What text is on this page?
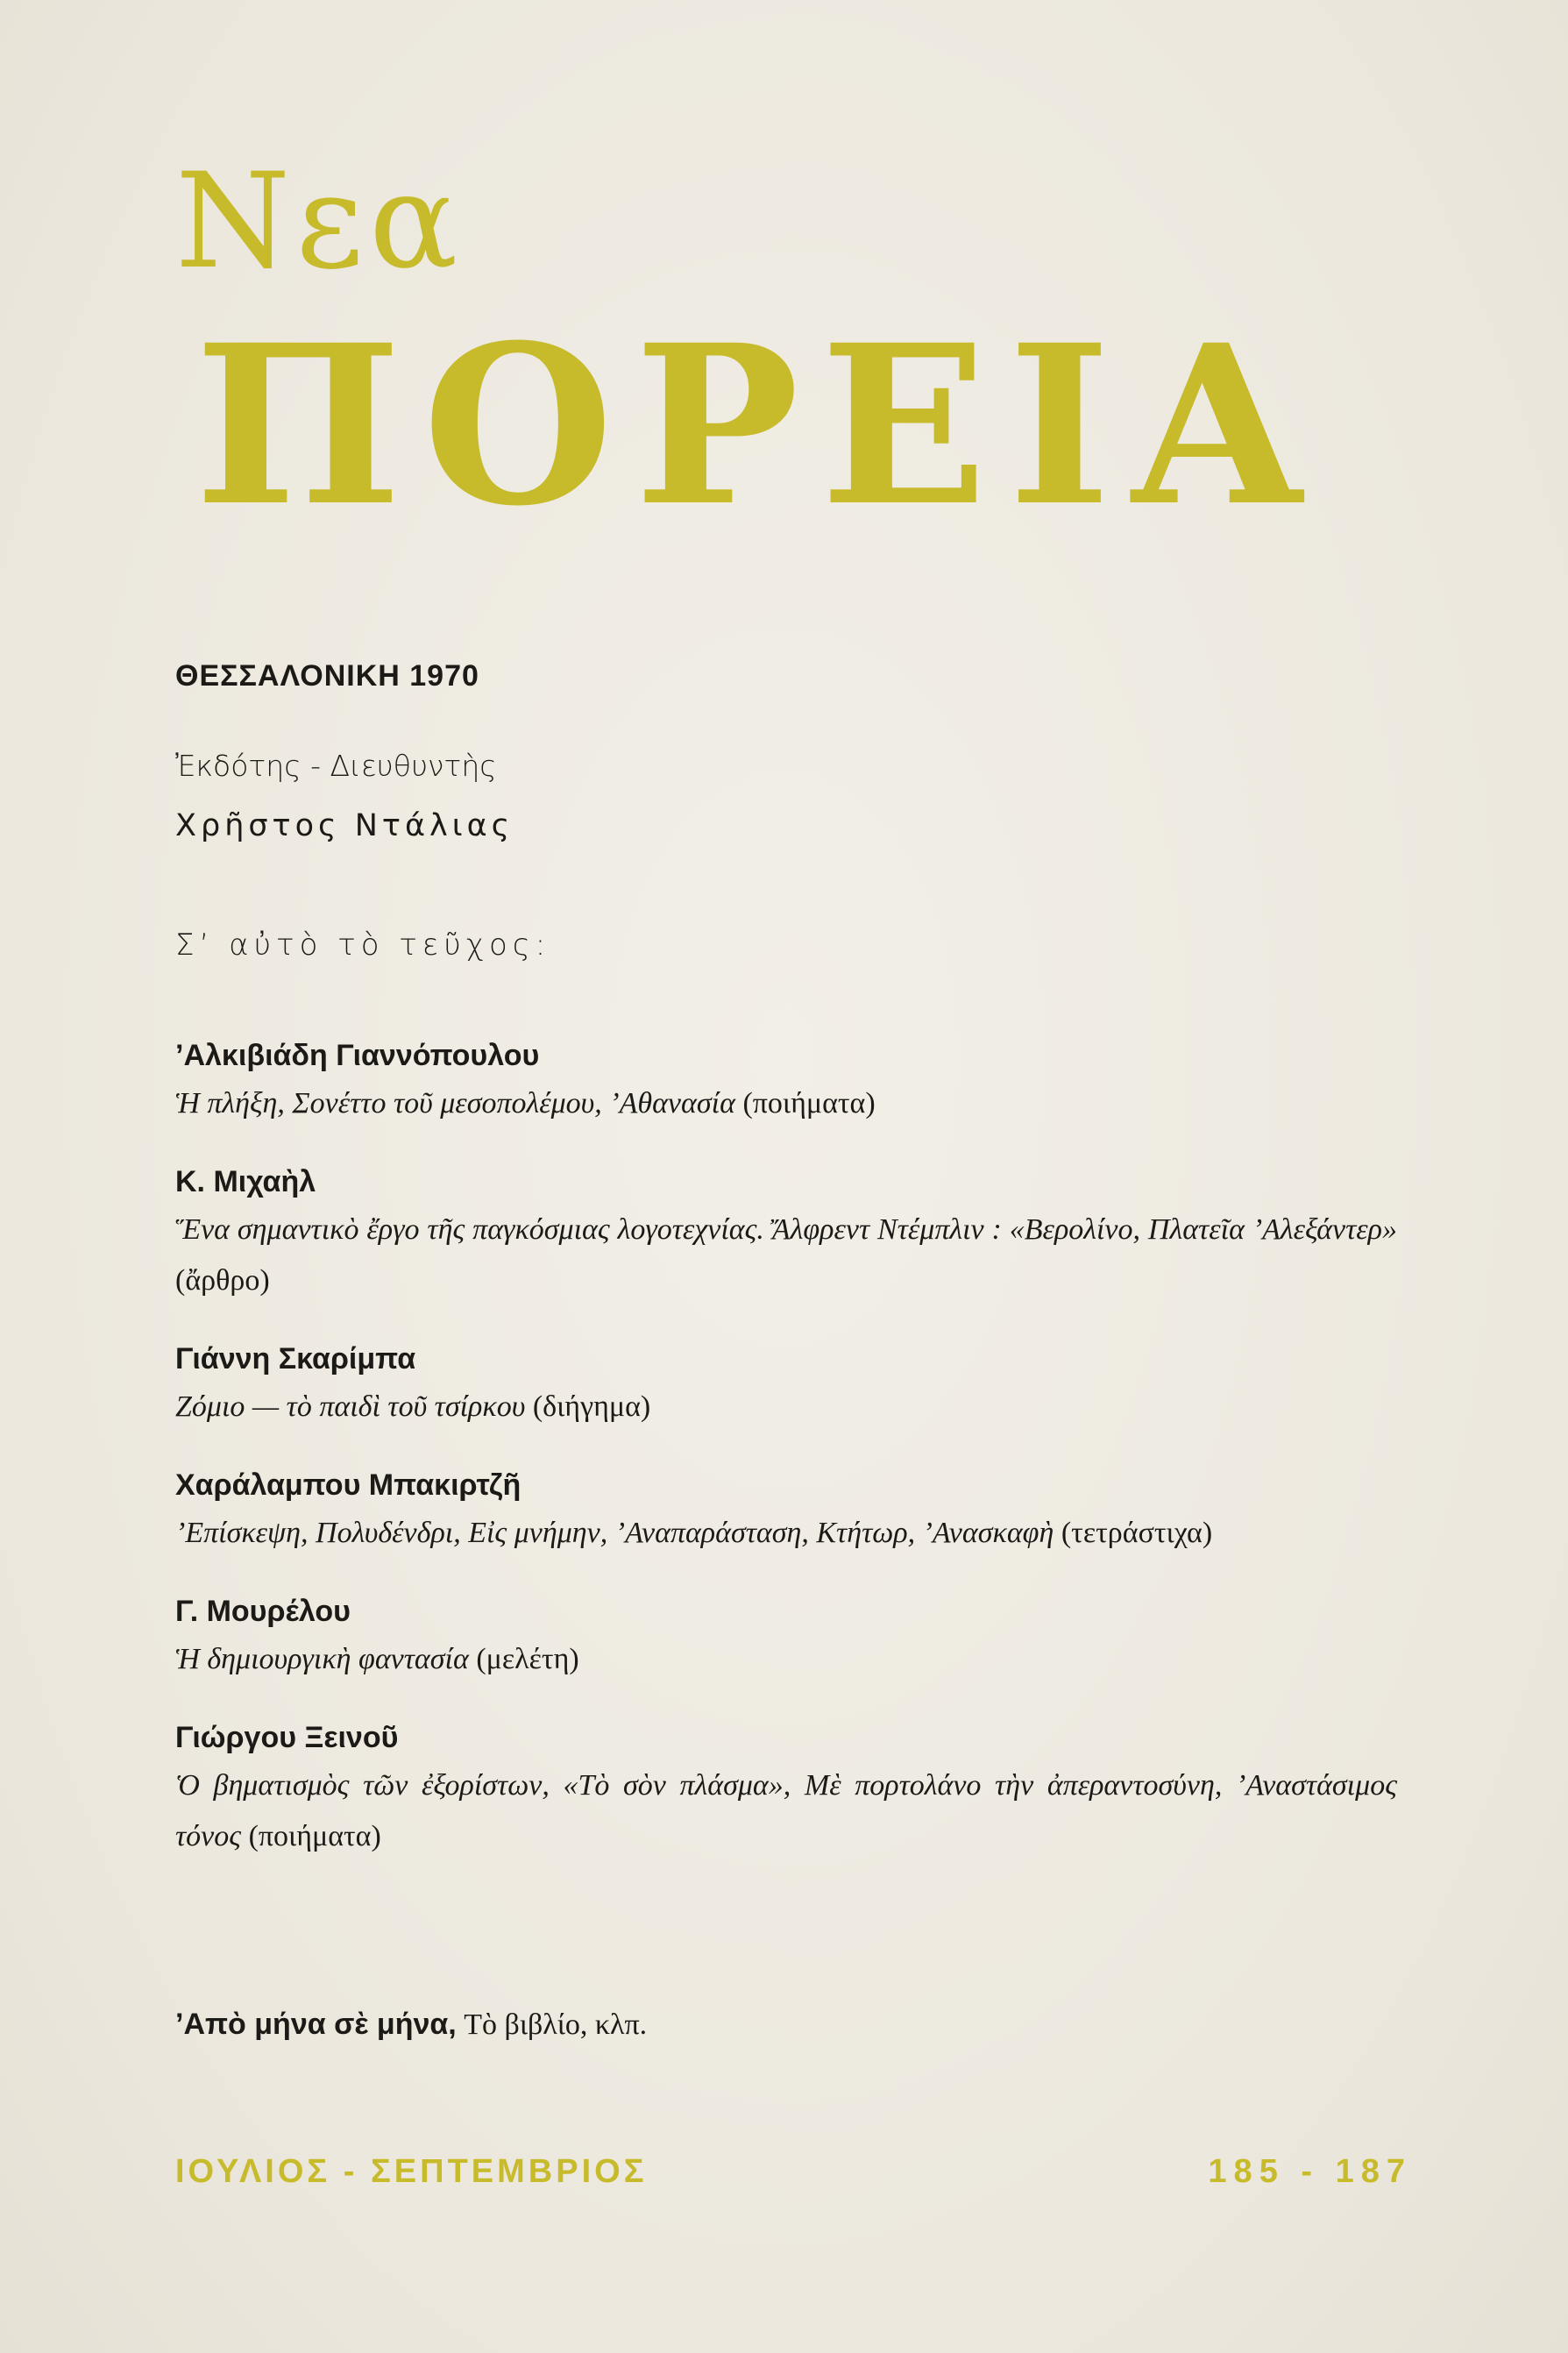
Νεα
ΠΟΡΕΙΑ
ΘΕΣΣΑΛΟΝΙΚΗ 1970
Ἐκδότης - Διευθυντὴς
Χρῆστος Ντάλιας
Σ’ αὐτὸ τὸ τεῦχος:
’Αλκιβιάδη Γιαννόπουλου
Ἡ πλήξη, Σονέττο τοῦ μεσοπολέμου, ’Αθανασία (ποιήματα)
Κ. Μιχαὴλ
Ἕνα σημαντικὸ ἔργο τῆς παγκόσμιας λογοτεχνίας. Ἄλφρεντ Ντέμπλιν : «Βερολίνο, Πλατεῖα ’Αλεξάντερ» (ἄρθρο)
Γιάννη Σκαρίμπα
Ζόμιο — τὸ παιδὶ τοῦ τσίρκου (διήγημα)
Χαράλαμπου Μπακιρτζῆ
’Επίσκεψη, Πολυδένδρι, Εἰς μνήμην, ’Αναπαράσταση, Κτήτωρ, ’Ανασκαφὴ (τετράστιχα)
Γ. Μουρέλου
Ἡ δημιουργικὴ φαντασία (μελέτη)
Γιώργου Ξεινοῦ
Ὁ βηματισμὸς τῶν ἐξορίστων, «Τὸ σὸν πλάσμα», Μὲ πορτολάνο τὴν ἀπεραντοσύνη, ’Αναστάσιμος τόνος (ποιήματα)
’Απὸ μήνα σὲ μήνα, Τὸ βιβλίο, κλπ.
ΙΟΥΛΙΟΣ - ΣΕΠΤΕΜΒΡΙΟΣ	185 - 187
